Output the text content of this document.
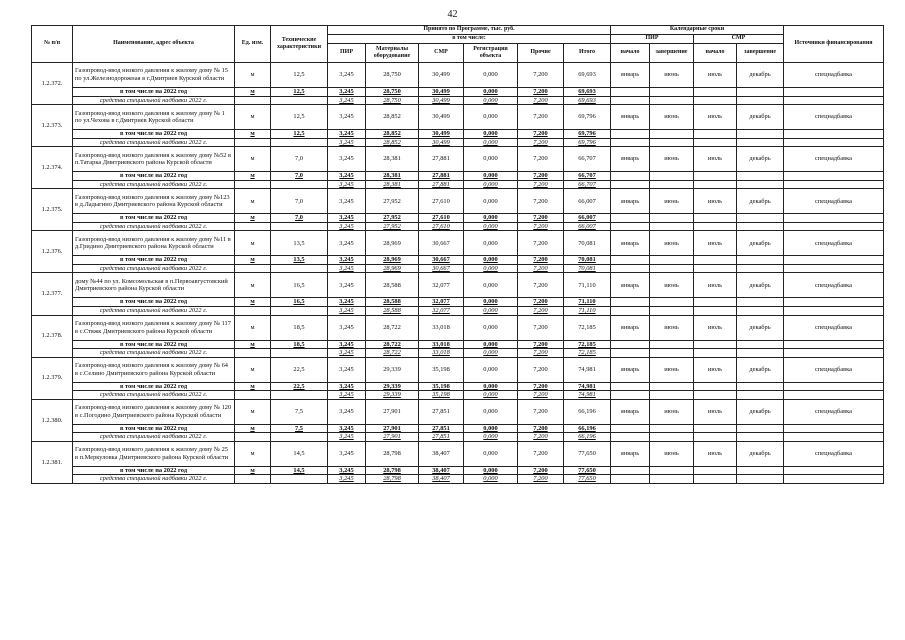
42
№ п/п	Наименование, адрес объекта	Ед. изм.	Технические характеристики	Принято по Программе, тыс. руб.						Календарные сроки				Источники финансирования
				в том числе:						ПИР		СМР		
				ПИР	Материалы оборудование	СМР	Регистрация объекта	Прочие	Итого	начало	завершение	начало	завершение	

1.2.372.	Газопровод-ввод низкого давления к жилому дому № 15 по ул.Железнодорожная в г.Дмитриев Курской области	м	12,5	3,245	28,750	30,499	0,000	7,200	69,693	январь	июнь	июль	декабрь	спецнадбавка
	в том числе на 2022 год	м	12,5	3,245	28,750	30,499	0,000	7,200	69,693					
	средства специальной надбавки 2022 г.			3,245	28,750	30,499	0,000	7,200	69,693					
1.2.373.	Газопровод-ввод низкого давления к жилому дому № 1 по ул.Чехова в г.Дмитриев Курской области	м	12,5	3,245	28,852	30,499	0,000	7,200	69,796	январь	июнь	июль	декабрь	спецнадбавка
	в том числе на 2022 год	м	12,5	3,245	28,852	30,499	0,000	7,200	69,796					
	средства специальной надбавки 2022 г.			3,245	28,852	30,499	0,000	7,200	69,796					
1.2.374.	Газопровод-ввод низкого давления к жилому дому №52 в п.Татарка Дмитриевского района Курской области	м	7,0	3,245	28,381	27,881	0,000	7,200	66,707	январь	июнь	июль	декабрь	спецнадбавка
	в том числе на 2022 год	м	7,0	3,245	28,381	27,881	0,000	7,200	66,707					
	средства специальной надбавки 2022 г.			3,245	28,381	27,881	0,000	7,200	66,707					
1.2.375.	Газопровод-ввод низкого давления к жилому дому №123 в д.Ладыгино Дмитриевского района Курской области	м	7,0	3,245	27,952	27,610	0,000	7,200	66,007	январь	июнь	июль	декабрь	спецнадбавка
	в том числе на 2022 год	м	7,0	3,245	27,952	27,610	0,000	7,200	66,007					
	средства специальной надбавки 2022 г.			3,245	27,952	27,610	0,000	7,200	66,007					
1.2.376.	Газопровод-ввод низкого давления к жилому дому №11 в д.Гридино Дмитриевского района Курской области	м	13,5	3,245	28,969	30,667	0,000	7,200	70,081	январь	июнь	июль	декабрь	спецнадбавка
	в том числе на 2022 год	м	13,5	3,245	28,969	30,667	0,000	7,200	70,081					
	средства специальной надбавки 2022 г.			3,245	28,969	30,667	0,000	7,200	70,081					
1.2.377.	дому №44 по ул. Комсомольская в п.Первоавгустовский Дмитриевского района Курской области	м	16,5	3,245	28,588	32,077	0,000	7,200	71,110	январь	июнь	июль	декабрь	спецнадбавка
	в том числе на 2022 год	м	16,5	3,245	28,588	32,077	0,000	7,200	71,110					
	средства специальной надбавки 2022 г.			3,245	28,588	32,077	0,000	7,200	71,110					
1.2.378.	Газопровод-ввод низкого давления к жилому дому № 117 в с.Стяжк Дмитриевского района Курской области	м	18,5	3,245	28,722	33,018	0,000	7,200	72,185	январь	июнь	июль	декабрь	спецнадбавка
	в том числе на 2022 год	м	18,5	3,245	28,722	33,018	0,000	7,200	72,185					
	средства специальной надбавки 2022 г.			3,245	28,722	33,018	0,000	7,200	72,185					
1.2.379.	Газопровод-ввод низкого давления к жилому дому № 64 в с.Селино Дмитриевского района Курской области	м	22,5	3,245	29,339	35,198	0,000	7,200	74,981	январь	июнь	июль	декабрь	спецнадбавка
	в том числе на 2022 год	м	22,5	3,245	29,339	35,198	0,000	7,200	74,981					
	средства специальной надбавки 2022 г.			3,245	29,339	35,198	0,000	7,200	74,981					
1.2.380.	Газопровод-ввод низкого давления к жилому дому № 120 в с.Погодино Дмитриевского района Курской области	м	7,5	3,245	27,901	27,851	0,000	7,200	66,196	январь	июнь	июль	декабрь	спецнадбавка
	в том числе на 2022 год	м	7,5	3,245	27,901	27,851	0,000	7,200	66,196					
	средства специальной надбавки 2022 г.			3,245	27,901	27,851	0,000	7,200	66,196					
1.2.381.	Газопровод-ввод низкого давления к жилому дому № 25 в п.Меркуловка Дмитриевского района Курской области	м	14,5	3,245	28,798	38,407	0,000	7,200	77,650	январь	июнь	июль	декабрь	спецнадбавка
	в том числе на 2022 год	м	14,5	3,245	28,798	38,407	0,000	7,200	77,650					
	средства специальной надбавки 2022 г.			3,245	28,798	38,407	0,000	7,200	77,650					
